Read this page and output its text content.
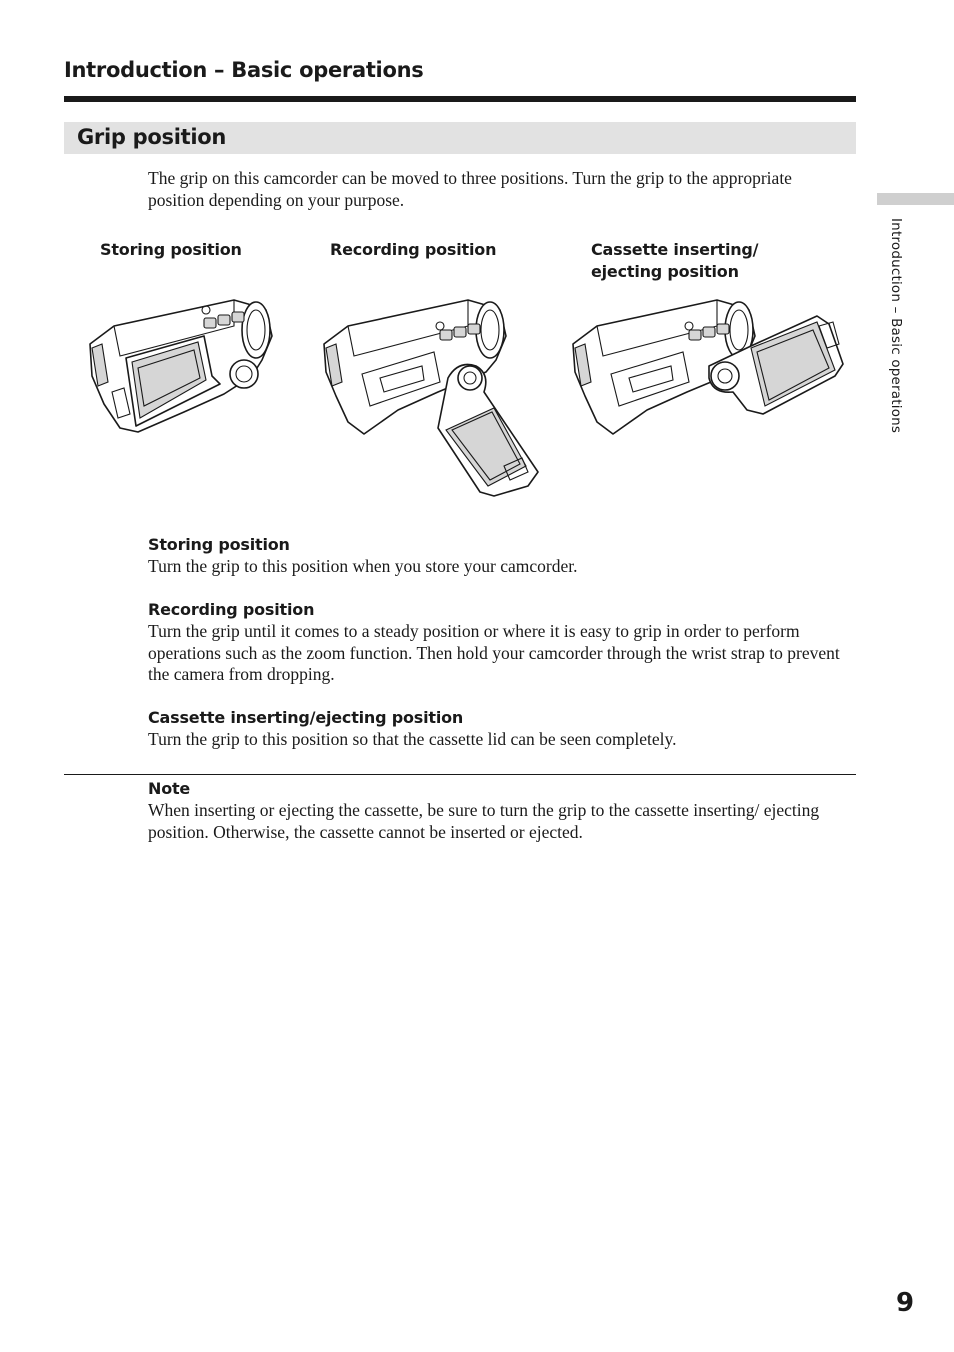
Introduction – Basic operations
Grip position
The grip on this camcorder can be moved to three positions. Turn the grip to the appropriate position depending on your purpose.
Storing position	Recording position	Cassette inserting/
ejecting position
Storing position
Turn the grip to this position when you store your camcorder.
Recording position
Turn the grip until it comes to a steady position or where it is easy to grip in order to perform operations such as the zoom function. Then hold your camcorder through the wrist strap to prevent the camera from dropping.
Cassette inserting/ejecting position
Turn the grip to this position so that the cassette lid can be seen completely.
Note
When inserting or ejecting the cassette, be sure to turn the grip to the cassette inserting/ ejecting position. Otherwise, the cassette cannot be inserted or ejected.
Introduction – Basic operations
9
